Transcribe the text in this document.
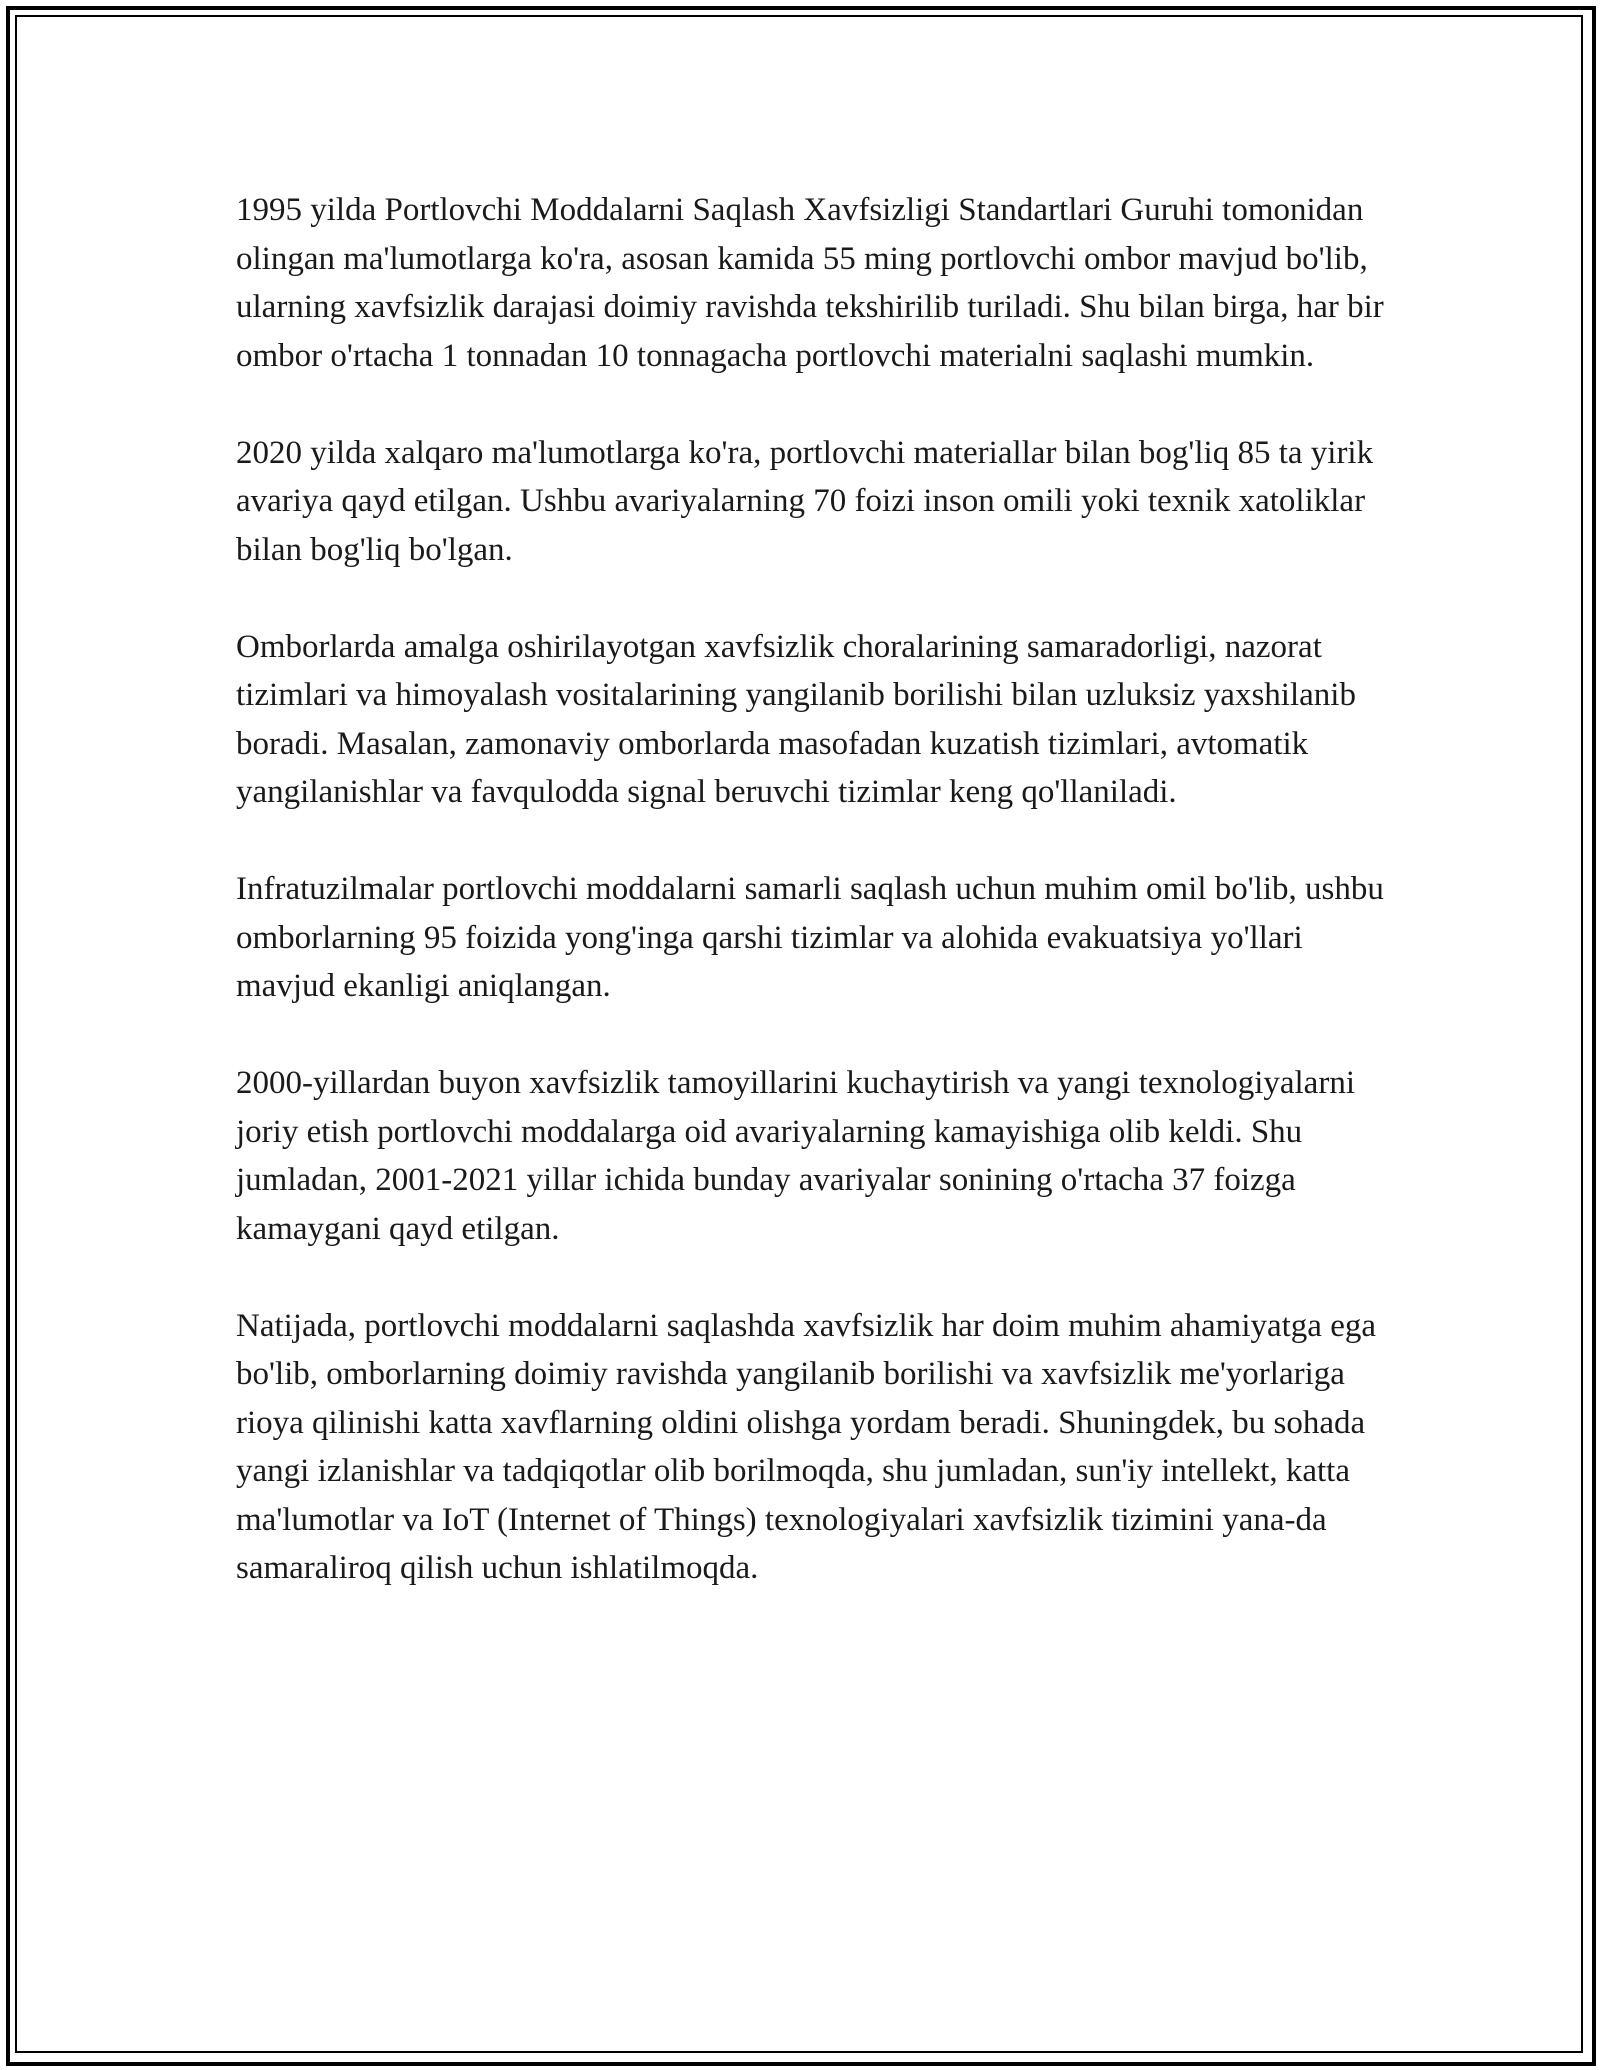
1995 yilda Portlovchi Moddalarni Saqlash Xavfsizligi Standartlari Guruhi tomonidan olingan ma'lumotlarga ko'ra, asosan kamida 55 ming portlovchi ombor mavjud bo'lib, ularning xavfsizlik darajasi doimiy ravishda tekshirilib turiladi. Shu bilan birga, har bir ombor o'rtacha 1 tonnadan 10 tonnagacha portlovchi materialni saqlashi mumkin.

2020 yilda xalqaro ma'lumotlarga ko'ra, portlovchi materiallar bilan bog'liq 85 ta yirik avariya qayd etilgan. Ushbu avariyalarning 70 foizi inson omili yoki texnik xatoliklar bilan bog'liq bo'lgan.

Omborlarda amalga oshirilayotgan xavfsizlik choralarining samaradorligi, nazorat tizimlari va himoyalash vositalarining yangilanib borilishi bilan uzluksiz yaxshilanib boradi. Masalan, zamonaviy omborlarda masofadan kuzatish tizimlari, avtomatik yangilanishlar va favqulodda signal beruvchi tizimlar keng qo'llaniladi.

Infratuzilmalar portlovchi moddalarni samarli saqlash uchun muhim omil bo'lib, ushbu omborlarning 95 foizida yong'inga qarshi tizimlar va alohida evakuatsiya yo'llari mavjud ekanligi aniqlangan.

2000-yillardan buyon xavfsizlik tamoyillarini kuchaytirish va yangi texnologiyalarni joriy etish portlovchi moddalarga oid avariyalarning kamayishiga olib keldi. Shu jumladan, 2001-2021 yillar ichida bunday avariyalar sonining o'rtacha 37 foizga kamaygani qayd etilgan.

Natijada, portlovchi moddalarni saqlashda xavfsizlik har doim muhim ahamiyatga ega bo'lib, omborlarning doimiy ravishda yangilanib borilishi va xavfsizlik me'yorlariga rioya qilinishi katta xavflarning oldini olishga yordam beradi. Shuningdek, bu sohada yangi izlanishlar va tadqiqotlar olib borilmoqda, shu jumladan, sun'iy intellekt, katta ma'lumotlar va IoT (Internet of Things) texnologiyalari xavfsizlik tizimini yana-da samaraliroq qilish uchun ishlatilmoqda.
